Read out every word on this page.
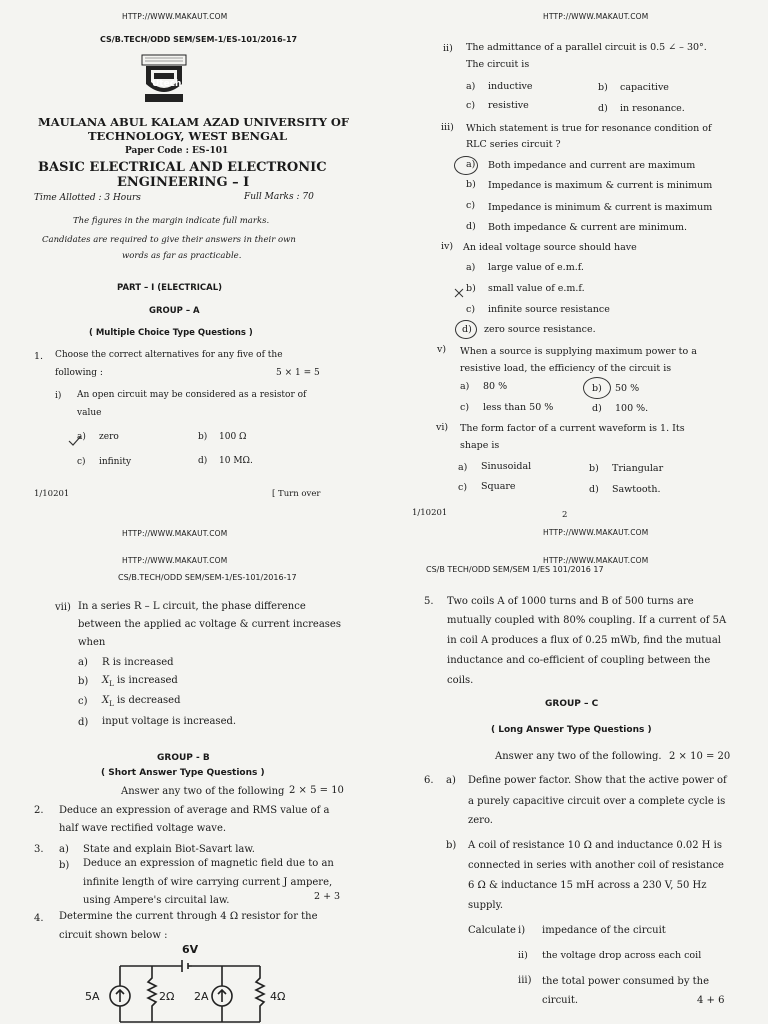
HTTP://WWW.MAKAUT.COM
CS/B.TECH/ODD SEM/SEM-1/ES-101/2016-17
Utech
MAULANA ABUL KALAM AZAD UNIVERSITY OF
TECHNOLOGY, WEST BENGAL
Paper Code : ES-101
BASIC ELECTRICAL AND ELECTRONIC
ENGINEERING – I
Time Allotted : 3 Hours	Full Marks : 70
The figures in the margin indicate full marks.
Candidates are required to give their answers in their own
words as far as practicable.
PART – I (ELECTRICAL)
GROUP – A
( Multiple Choice Type Questions )
1. Choose the correct alternatives for any five of the
following :	5 × 1 = 5
i) An open circuit may be considered as a resistor of
value
a) zero	b) 100 Ω
c) infinity	d) 10 MΩ.
1/10201	[ Turn over
HTTP://WWW.MAKAUT.COM
ii) The admittance of a parallel circuit is 0.5 ∠ – 30°.
The circuit is
a) inductive	b) capacitive
c) resistive	d) in resonance.
iii) Which statement is true for resonance condition of
RLC series circuit ?
a) Both impedance and current are maximum
b) Impedance is maximum & current is minimum
c) Impedance is minimum & current is maximum
d) Both impedance & current are minimum.
iv) An ideal voltage source should have
a) large value of e.m.f.
b) small value of e.m.f.
c) infinite source resistance
d) zero source resistance.
v) When a source is supplying maximum power to a
resistive load, the efficiency of the circuit is
a) 80 %	b) 50 %
c) less than 50 %	d) 100 %.
vi) The form factor of a current waveform is 1. Its
shape is
a) Sinusoidal	b) Triangular
c) Square	d) Sawtooth.
1/10201	2
HTTP://WWW.MAKAUT.COM
HTTP://WWW.MAKAUT.COM
HTTP://WWW.MAKAUT.COM
CS/B.TECH/ODD SEM/SEM-1/ES-101/2016-17
vii) In a series R – L circuit, the phase difference
between the applied ac voltage & current increases
when
a) R is increased
b) $X_L$ is increased
c) $X_L$ is decreased
d) input voltage is increased.
GROUP - B
( Short Answer Type Questions )
Answer any two of the following 2 × 5 = 10
2. Deduce an expression of average and RMS value of a
half wave rectified voltage wave.
3. a) State and explain Biot-Savart law.
b) Deduce an expression of magnetic field due to an
infinite length of wire carrying current J ampere,
using Ampere's circuital law.	2 + 3
4. Determine the current through 4 Ω resistor for the
circuit shown below :
6V
5A	2Ω 2A	4Ω
HTTP://WWW.MAKAUT.COM
CS/B TECH/ODD SEM/SEM 1/ES 101/2016 17
5. Two coils A of 1000 turns and B of 500 turns are
mutually coupled with 80% coupling. If a current of 5A
in coil A produces a flux of 0.25 mWb, find the mutual
inductance and co-efficient of coupling between the
coils.
GROUP – C
( Long Answer Type Questions )
Answer any two of the following. 2 × 10 = 20
6. a) Define power factor. Show that the active power of
a purely capacitive circuit over a complete cycle is
zero.
b) A coil of resistance 10 Ω and inductance 0.02 H is
connected in series with another coil of resistance
6 Ω & inductance 15 mH across a 230 V, 50 Hz
supply.
Calculate i) impedance of the circuit
ii) the voltage drop across each coil
iii) the total power consumed by the
circuit.	4 + 6
